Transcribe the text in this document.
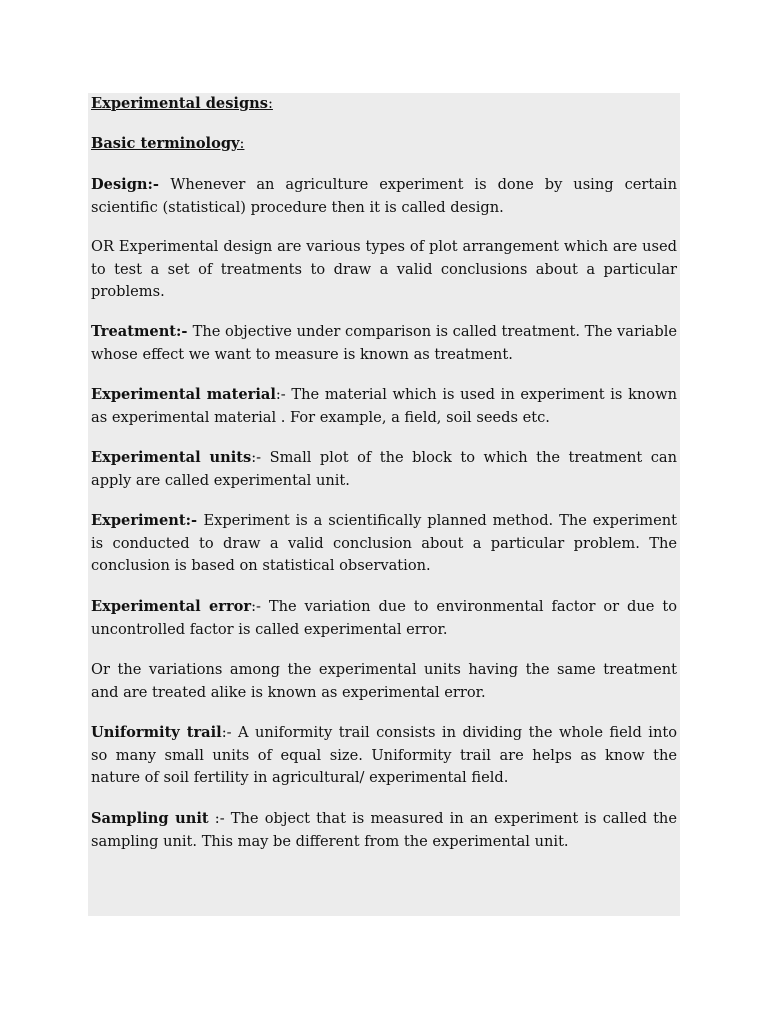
Experimental designs:
Basic terminology:
Design:- Whenever an agriculture experiment is done by using certain scientific (statistical) procedure then it is called design.
OR Experimental design are various types of plot arrangement which are used to test a set of treatments to draw a valid conclusions about a particular problems.
Treatment:- The objective under comparison is called treatment. The variable whose effect we want to measure is known as treatment.
Experimental material:- The material which is used in experiment is known as experimental material . For example, a field, soil seeds etc.
Experimental units:- Small plot of the block to which the treatment can apply are called experimental unit.
Experiment:- Experiment is a scientifically planned method. The experiment is conducted to draw a valid conclusion about a particular problem. The conclusion is based on statistical observation.
Experimental error:- The variation due to environmental factor or due to uncontrolled factor is called experimental error.
Or the variations among the experimental units having the same treatment and are treated alike is known as experimental error.
Uniformity trail:- A uniformity trail consists in dividing the whole field into so many small units of equal size. Uniformity trail are helps as know the nature of soil fertility in agricultural/ experimental field.
Sampling unit :- The object that is measured in an experiment is called the sampling unit. This may be different from the experimental unit.
